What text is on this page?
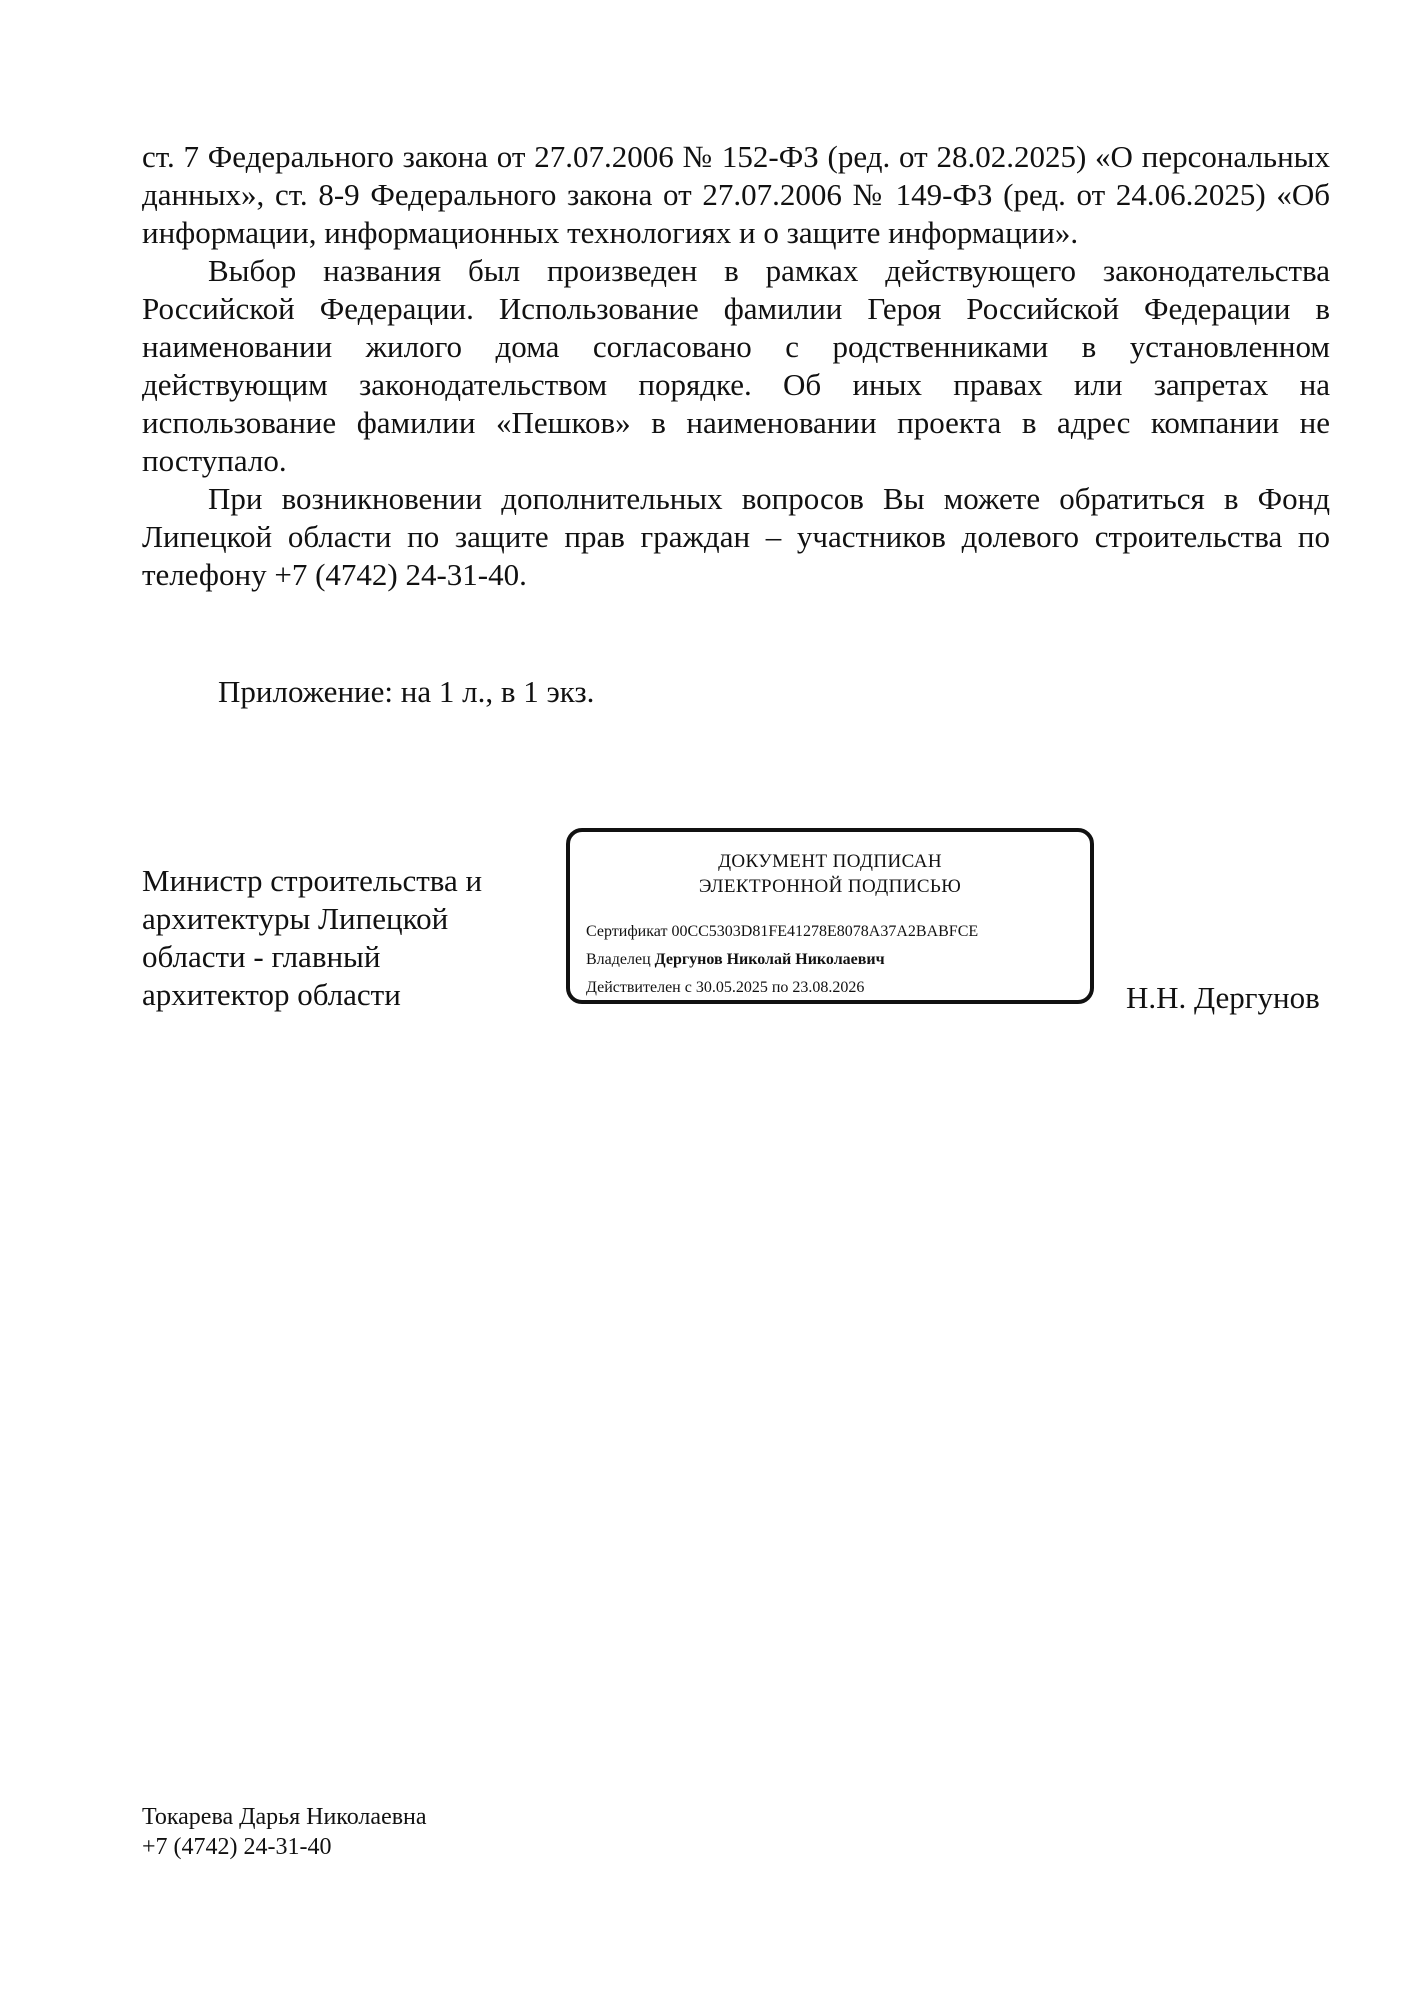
ст. 7 Федерального закона от 27.07.2006 № 152-ФЗ (ред. от 28.02.2025) «О персональных данных», ст. 8-9 Федерального закона от 27.07.2006 № 149-ФЗ (ред. от 24.06.2025) «Об информации, информационных технологиях и о защите информации».

Выбор названия был произведен в рамках действующего законодательства Российской Федерации. Использование фамилии Героя Российской Федерации в наименовании жилого дома согласовано с родственниками в установленном действующим законодательством порядке. Об иных правах или запретах на использование фамилии «Пешков» в наименовании проекта в адрес компании не поступало.

При возникновении дополнительных вопросов Вы можете обратиться в Фонд Липецкой области по защите прав граждан – участников долевого строительства по телефону +7 (4742) 24-31-40.

Приложение: на 1 л., в 1 экз.
Министр строительства и архитектуры Липецкой области - главный архитектор области
ДОКУМЕНТ ПОДПИСАН
ЭЛЕКТРОННОЙ ПОДПИСЬЮ
Сертификат 00CC5303D81FE41278E8078A37A2BABFCE
Владелец Дергунов Николай Николаевич
Действителен с 30.05.2025 по 23.08.2026	Н.Н. Дергунов
Токарева Дарья Николаевна
+7 (4742) 24-31-40
